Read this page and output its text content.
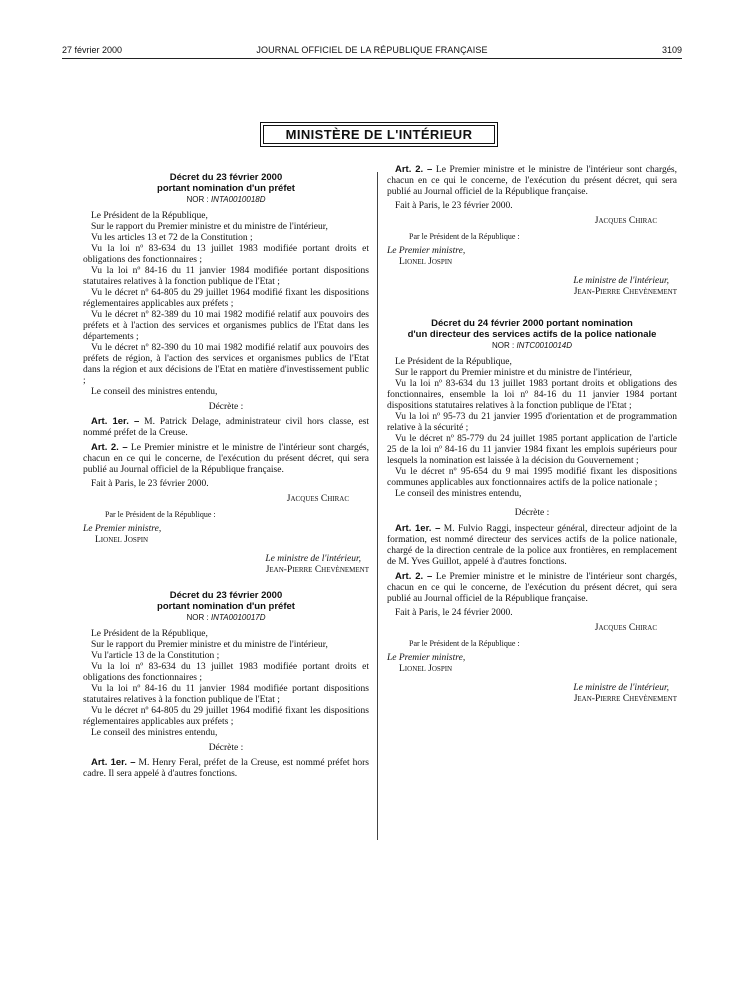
27 février 2000	JOURNAL OFFICIEL DE LA RÉPUBLIQUE FRANÇAISE	3109
MINISTÈRE DE L'INTÉRIEUR
Décret du 23 février 2000
portant nomination d'un préfet
NOR : INTA0010018D

Le Président de la République,

Sur le rapport du Premier ministre et du ministre de l'intérieur,

Vu les articles 13 et 72 de la Constitution ;

Vu la loi nº 83-634 du 13 juillet 1983 modifiée portant droits et obligations des fonctionnaires ;

Vu la loi nº 84-16 du 11 janvier 1984 modifiée portant dispositions statutaires relatives à la fonction publique de l'Etat ;

Vu le décret nº 64-805 du 29 juillet 1964 modifié fixant les dispositions réglementaires applicables aux préfets ;

Vu le décret nº 82-389 du 10 mai 1982 modifié relatif aux pouvoirs des préfets et à l'action des services et organismes publics de l'Etat dans les départements ;

Vu le décret nº 82-390 du 10 mai 1982 modifié relatif aux pouvoirs des préfets de région, à l'action des services et organismes publics de l'Etat dans la région et aux décisions de l'Etat en matière d'investissement public ;

Le conseil des ministres entendu,

Décrète :

Art. 1er. – M. Patrick Delage, administrateur civil hors classe, est nommé préfet de la Creuse.

Art. 2. – Le Premier ministre et le ministre de l'intérieur sont chargés, chacun en ce qui le concerne, de l'exécution du présent décret, qui sera publié au Journal officiel de la République française.

Fait à Paris, le 23 février 2000.

Jacques Chirac
Par le Président de la République :
Le Premier ministre,
Lionel Jospin
Le ministre de l'intérieur,
Jean-Pierre Chevènement
Décret du 23 février 2000
portant nomination d'un préfet
NOR : INTA0010017D

Le Président de la République,

Sur le rapport du Premier ministre et du ministre de l'intérieur,

Vu l'article 13 de la Constitution ;

Vu la loi nº 83-634 du 13 juillet 1983 modifiée portant droits et obligations des fonctionnaires ;

Vu la loi nº 84-16 du 11 janvier 1984 modifiée portant dispositions statutaires relatives à la fonction publique de l'Etat ;

Vu le décret nº 64-805 du 29 juillet 1964 modifié fixant les dispositions réglementaires applicables aux préfets ;

Le conseil des ministres entendu,

Décrète :

Art. 1er. – M. Henry Feral, préfet de la Creuse, est nommé préfet hors cadre. Il sera appelé à d'autres fonctions.

Art. 2. – Le Premier ministre et le ministre de l'intérieur sont chargés, chacun en ce qui le concerne, de l'exécution du présent décret, qui sera publié au Journal officiel de la République française.

Fait à Paris, le 23 février 2000.

Jacques Chirac
Par le Président de la République :
Le Premier ministre,
Lionel Jospin
Le ministre de l'intérieur,
Jean-Pierre Chevènement
Décret du 24 février 2000 portant nomination
d'un directeur des services actifs de la police nationale
NOR : INTC0010014D

Le Président de la République,

Sur le rapport du Premier ministre et du ministre de l'intérieur,

Vu la loi nº 83-634 du 13 juillet 1983 portant droits et obligations des fonctionnaires, ensemble la loi nº 84-16 du 11 janvier 1984 portant dispositions statutaires relatives à la fonction publique de l'Etat ;

Vu la loi nº 95-73 du 21 janvier 1995 d'orientation et de programmation relative à la sécurité ;

Vu le décret nº 85-779 du 24 juillet 1985 portant application de l'article 25 de la loi nº 84-16 du 11 janvier 1984 fixant les emplois supérieurs pour lesquels la nomination est laissée à la décision du Gouvernement ;

Vu le décret nº 95-654 du 9 mai 1995 modifié fixant les dispositions communes applicables aux fonctionnaires actifs de la police nationale ;

Le conseil des ministres entendu,

Décrète :

Art. 1er. – M. Fulvio Raggi, inspecteur général, directeur adjoint de la formation, est nommé directeur des services actifs de la police nationale, chargé de la direction centrale de la police aux frontières, en remplacement de M. Yves Guillot, appelé à d'autres fonctions.

Art. 2. – Le Premier ministre et le ministre de l'intérieur sont chargés, chacun en ce qui le concerne, de l'exécution du présent décret, qui sera publié au Journal officiel de la République française.

Fait à Paris, le 24 février 2000.

Jacques Chirac
Par le Président de la République :
Le Premier ministre,
Lionel Jospin
Le ministre de l'intérieur,
Jean-Pierre Chevènement
